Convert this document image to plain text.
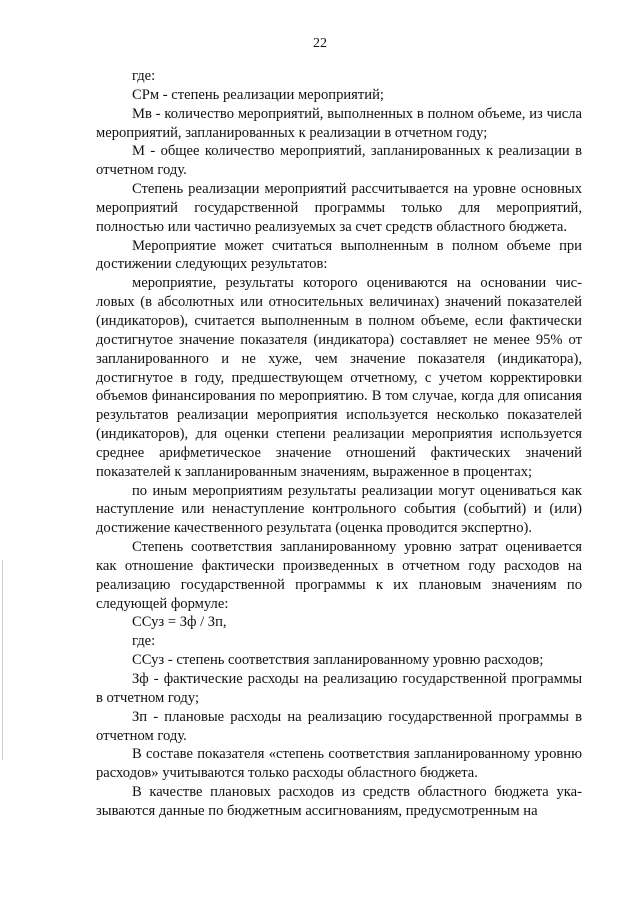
22

где:

СРм - степень реализации мероприятий;

Мв - количество мероприятий, выполненных в полном объеме, из числа мероприятий, запланированных к реализации в отчетном году;

М - общее количество мероприятий, запланированных к реализации в отчетном году.

Степень реализации мероприятий рассчитывается на уровне основных мероприятий государственной программы только для мероприятий, полностью или частично реализуемых за счет средств областного бюджета.

Мероприятие может считаться выполненным в полном объеме при достижении следующих результатов:

мероприятие, результаты которого оцениваются на основании числовых (в абсолютных или относительных величинах) значений показателей (индикаторов), считается выполненным в полном объеме, если фактически достигнутое значение показателя (индикатора) составляет не менее 95% от запланированного и не хуже, чем значение показателя (индикатора), достигнутое в году, предшествующем отчетному, с учетом корректировки объемов финансирования по мероприятию. В том случае, когда для описания результатов реализации мероприятия используется несколько показателей (индикаторов), для оценки степени реализации мероприятия используется среднее арифметическое значение отношений фактических значений показателей к запланированным значениям, выраженное в процентах;

по иным мероприятиям результаты реализации могут оцениваться как наступление или ненаступление контрольного события (событий) и (или) достижение качественного результата (оценка проводится экспертно).

Степень соответствия запланированному уровню затрат оценивается как отношение фактически произведенных в отчетном году расходов на реализацию государственной программы к их плановым значениям по следующей формуле:

ССуз = Зф / Зп,

где:

ССуз - степень соответствия запланированному уровню расходов;

Зф - фактические расходы на реализацию государственной программы в отчетном году;

Зп - плановые расходы на реализацию государственной программы в отчетном году.

В составе показателя «степень соответствия запланированному уровню расходов» учитываются только расходы областного бюджета.

В качестве плановых расходов из средств областного бюджета указываются данные по бюджетным ассигнованиям, предусмотренным на
